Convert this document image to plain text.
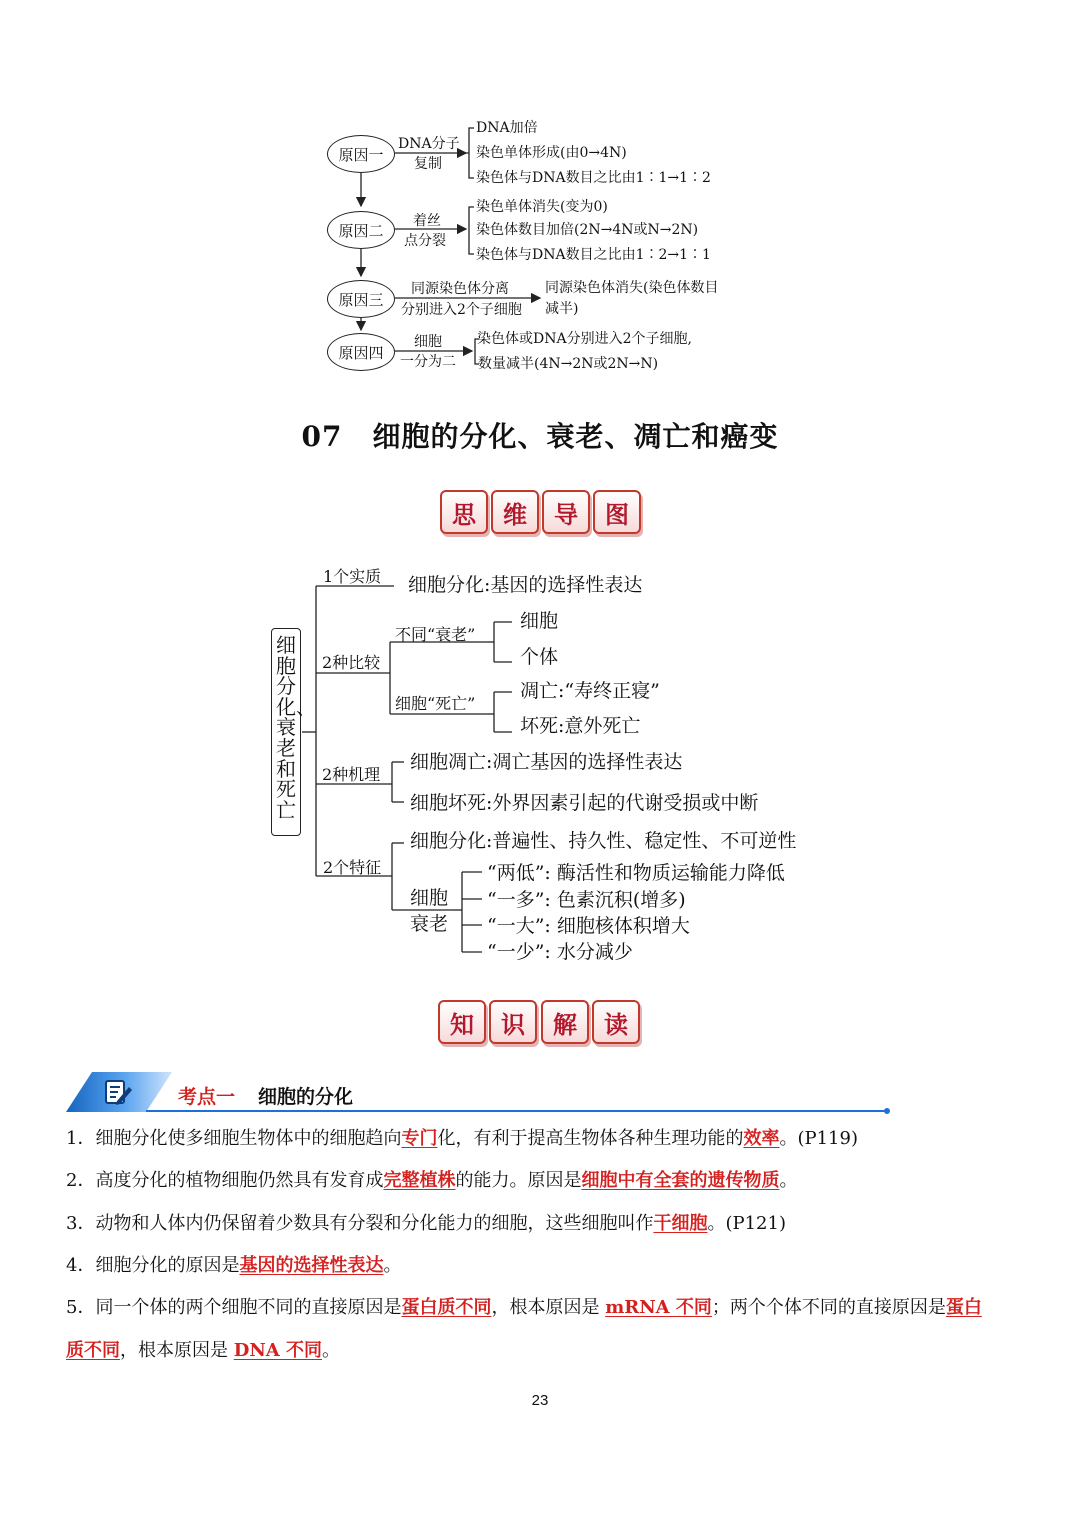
原因一
原因二
原因三
原因四
DNA分子
复制
着丝
点分裂
同源染色体分离
分别进入2个子细胞
细胞
一分为二
DNA加倍
染色单体形成(由0→4N)
染色体与DNA数目之比由1∶1→1∶2
染色单体消失(变为0)
染色体数目加倍(2N→4N或N→2N)
染色体与DNA数目之比由1∶2→1∶1
同源染色体消失(染色体数目
减半)
染色体或DNA分别进入2个子细胞,
数量减半(4N→2N或2N→N)
07 细胞的分化、衰老、凋亡和癌变
思	维	导	图
细胞分化、衰老和死亡
1个实质 细胞分化:基因的选择性表达
2种比较
不同“衰老”
细胞
个体
细胞“死亡”
凋亡:“寿终正寝”
坏死:意外死亡
2种机理
细胞凋亡:凋亡基因的选择性表达
细胞坏死:外界因素引起的代谢受损或中断
2个特征
细胞分化:普遍性、持久性、稳定性、不可逆性
细胞
衰老
“两低”: 酶活性和物质运输能力降低
“一多”: 色素沉积(增多)
“一大”: 细胞核体积增大
“一少”: 水分减少
知	识	解	读
考点一 细胞的分化
1．细胞分化使多细胞生物体中的细胞趋向专门化，有利于提高生物体各种生理功能的效率。(P119)
2．高度分化的植物细胞仍然具有发育成完整植株的能力。原因是细胞中有全套的遗传物质。
3．动物和人体内仍保留着少数具有分裂和分化能力的细胞，这些细胞叫作干细胞。(P121)
4．细胞分化的原因是基因的选择性表达。
5．同一个体的两个细胞不同的直接原因是蛋白质不同，根本原因是 mRNA 不同；两个个体不同的直接原因是蛋白
质不同，根本原因是 DNA 不同。
23
